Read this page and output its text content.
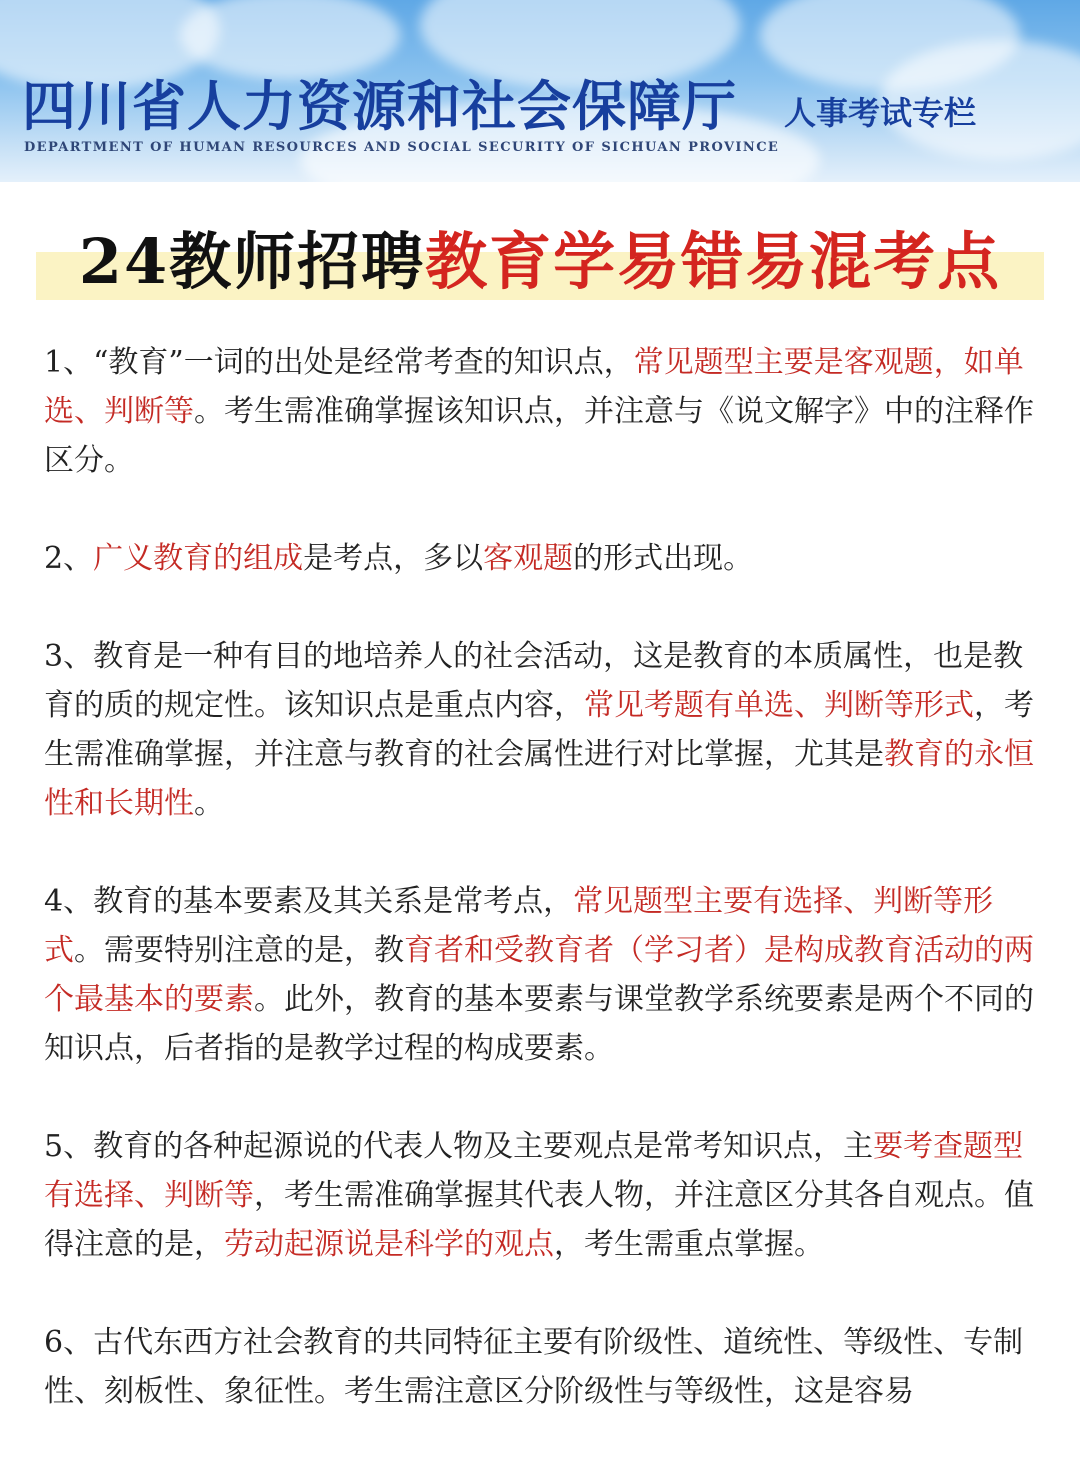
四川省人力资源和社会保障厅
DEPARTMENT OF HUMAN RESOURCES AND SOCIAL SECURITY OF SICHUAN PROVINCE
人事考试专栏
24教师招聘教育学易错易混考点

1、“教育”一词的出处是经常考查的知识点，常见题型主要是客观题，如单选、判断等。考生需准确掌握该知识点，并注意与《说文解字》中的注释作区分。

2、广义教育的组成是考点，多以客观题的形式出现。

3、教育是一种有目的地培养人的社会活动，这是教育的本质属性，也是教育的质的规定性。该知识点是重点内容，常见考题有单选、判断等形式，考生需准确掌握，并注意与教育的社会属性进行对比掌握，尤其是教育的永恒性和长期性。

4、教育的基本要素及其关系是常考点，常见题型主要有选择、判断等形式。需要特别注意的是，教育者和受教育者（学习者）是构成教育活动的两个最基本的要素。此外，教育的基本要素与课堂教学系统要素是两个不同的知识点，后者指的是教学过程的构成要素。

5、教育的各种起源说的代表人物及主要观点是常考知识点，主要考查题型有选择、判断等，考生需准确掌握其代表人物，并注意区分其各自观点。值得注意的是，劳动起源说是科学的观点，考生需重点掌握。

6、古代东西方社会教育的共同特征主要有阶级性、道统性、等级性、专制性、刻板性、象征性。考生需注意区分阶级性与等级性，这是容易
